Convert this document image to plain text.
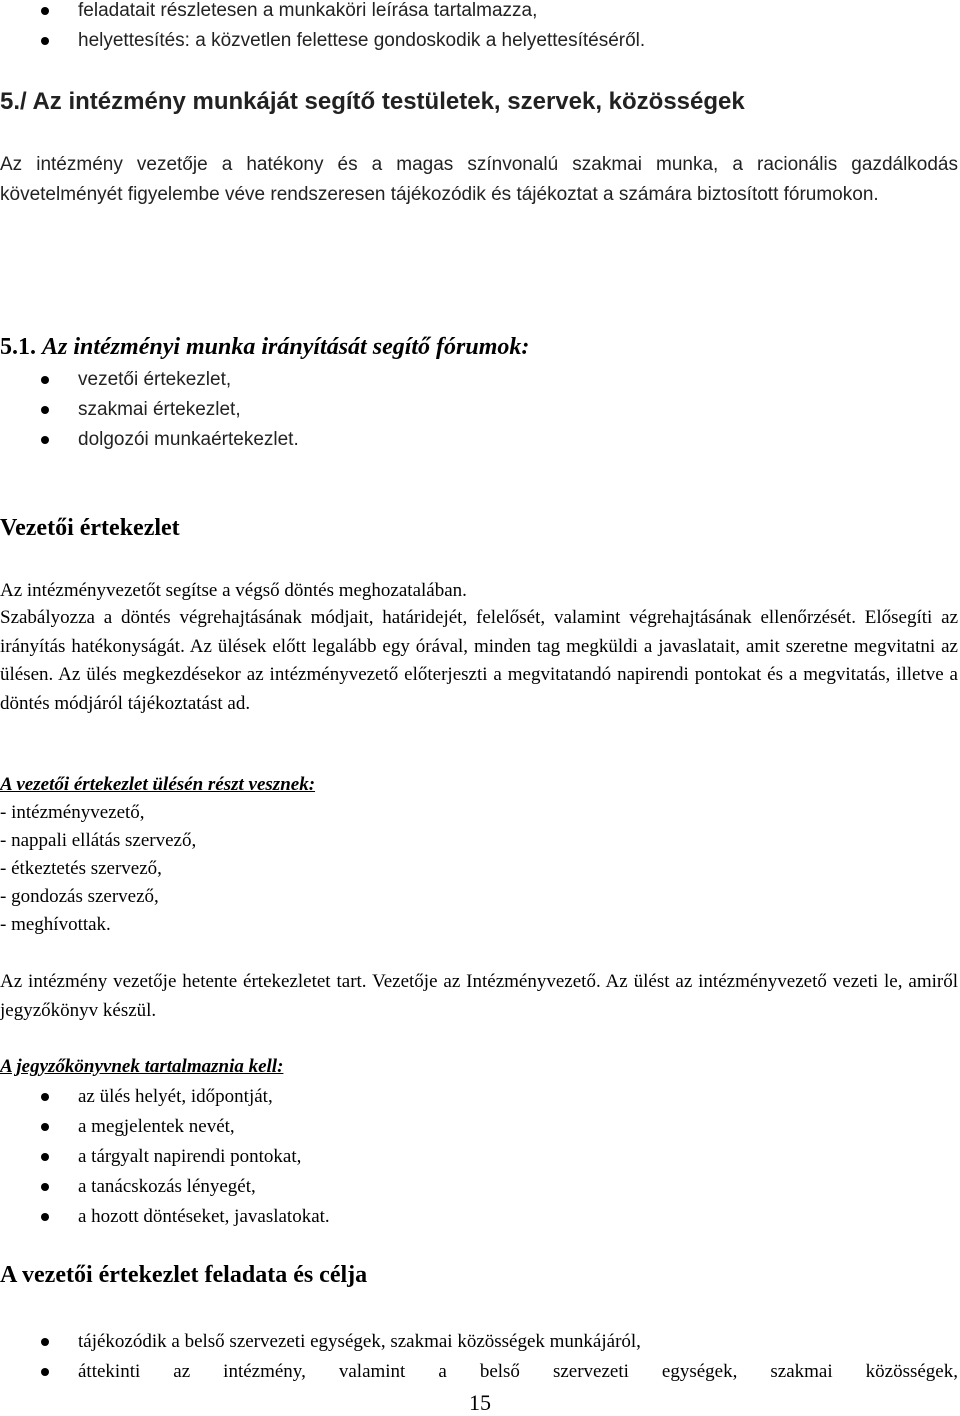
feladatait részletesen a munkaköri leírása tartalmazza,
helyettesítés: a közvetlen felettese gondoskodik a helyettesítéséről.
5./ Az intézmény munkáját segítő testületek, szervek, közösségek

Az intézmény vezetője a hatékony és a magas színvonalú szakmai munka, a racionális gazdálkodás követelményét figyelembe véve rendszeresen tájékozódik és tájékoztat a számára biztosított fórumokon.

5.1. Az intézményi munka irányítását segítő fórumok:
vezetői értekezlet,
szakmai értekezlet,
dolgozói munkaértekezlet.
Vezetői értekezlet

Az intézményvezetőt segítse a végső döntés meghozatalában.

Szabályozza a döntés végrehajtásának módjait, határidejét, felelősét, valamint végrehajtásának ellenőrzését. Elősegíti az irányítás hatékonyságát. Az ülések előtt legalább egy órával, minden tag megküldi a javaslatait, amit szeretne megvitatni az ülésen. Az ülés megkezdésekor az intézményvezető előterjeszti a megvitatandó napirendi pontokat és a megvitatás, illetve a döntés módjáról tájékoztatást ad.

A vezetői értekezlet ülésén részt vesznek:
- intézményvezető,
- nappali ellátás szervező,
- étkeztetés szervező,
- gondozás szervező,
- meghívottak.

Az intézmény vezetője hetente értekezletet tart. Vezetője az Intézményvezető. Az ülést az intézményvezető vezeti le, amiről jegyzőkönyv készül.

A jegyzőkönyvnek tartalmaznia kell:
az ülés helyét, időpontját,
a megjelentek nevét,
a tárgyalt napirendi pontokat,
a tanácskozás lényegét,
a hozott döntéseket, javaslatokat.
A vezetői értekezlet feladata és célja
tájékozódik a belső szervezeti egységek, szakmai közösségek munkájáról,
áttekinti az intézmény, valamint a belső szervezeti egységek, szakmai közösségek,
15
